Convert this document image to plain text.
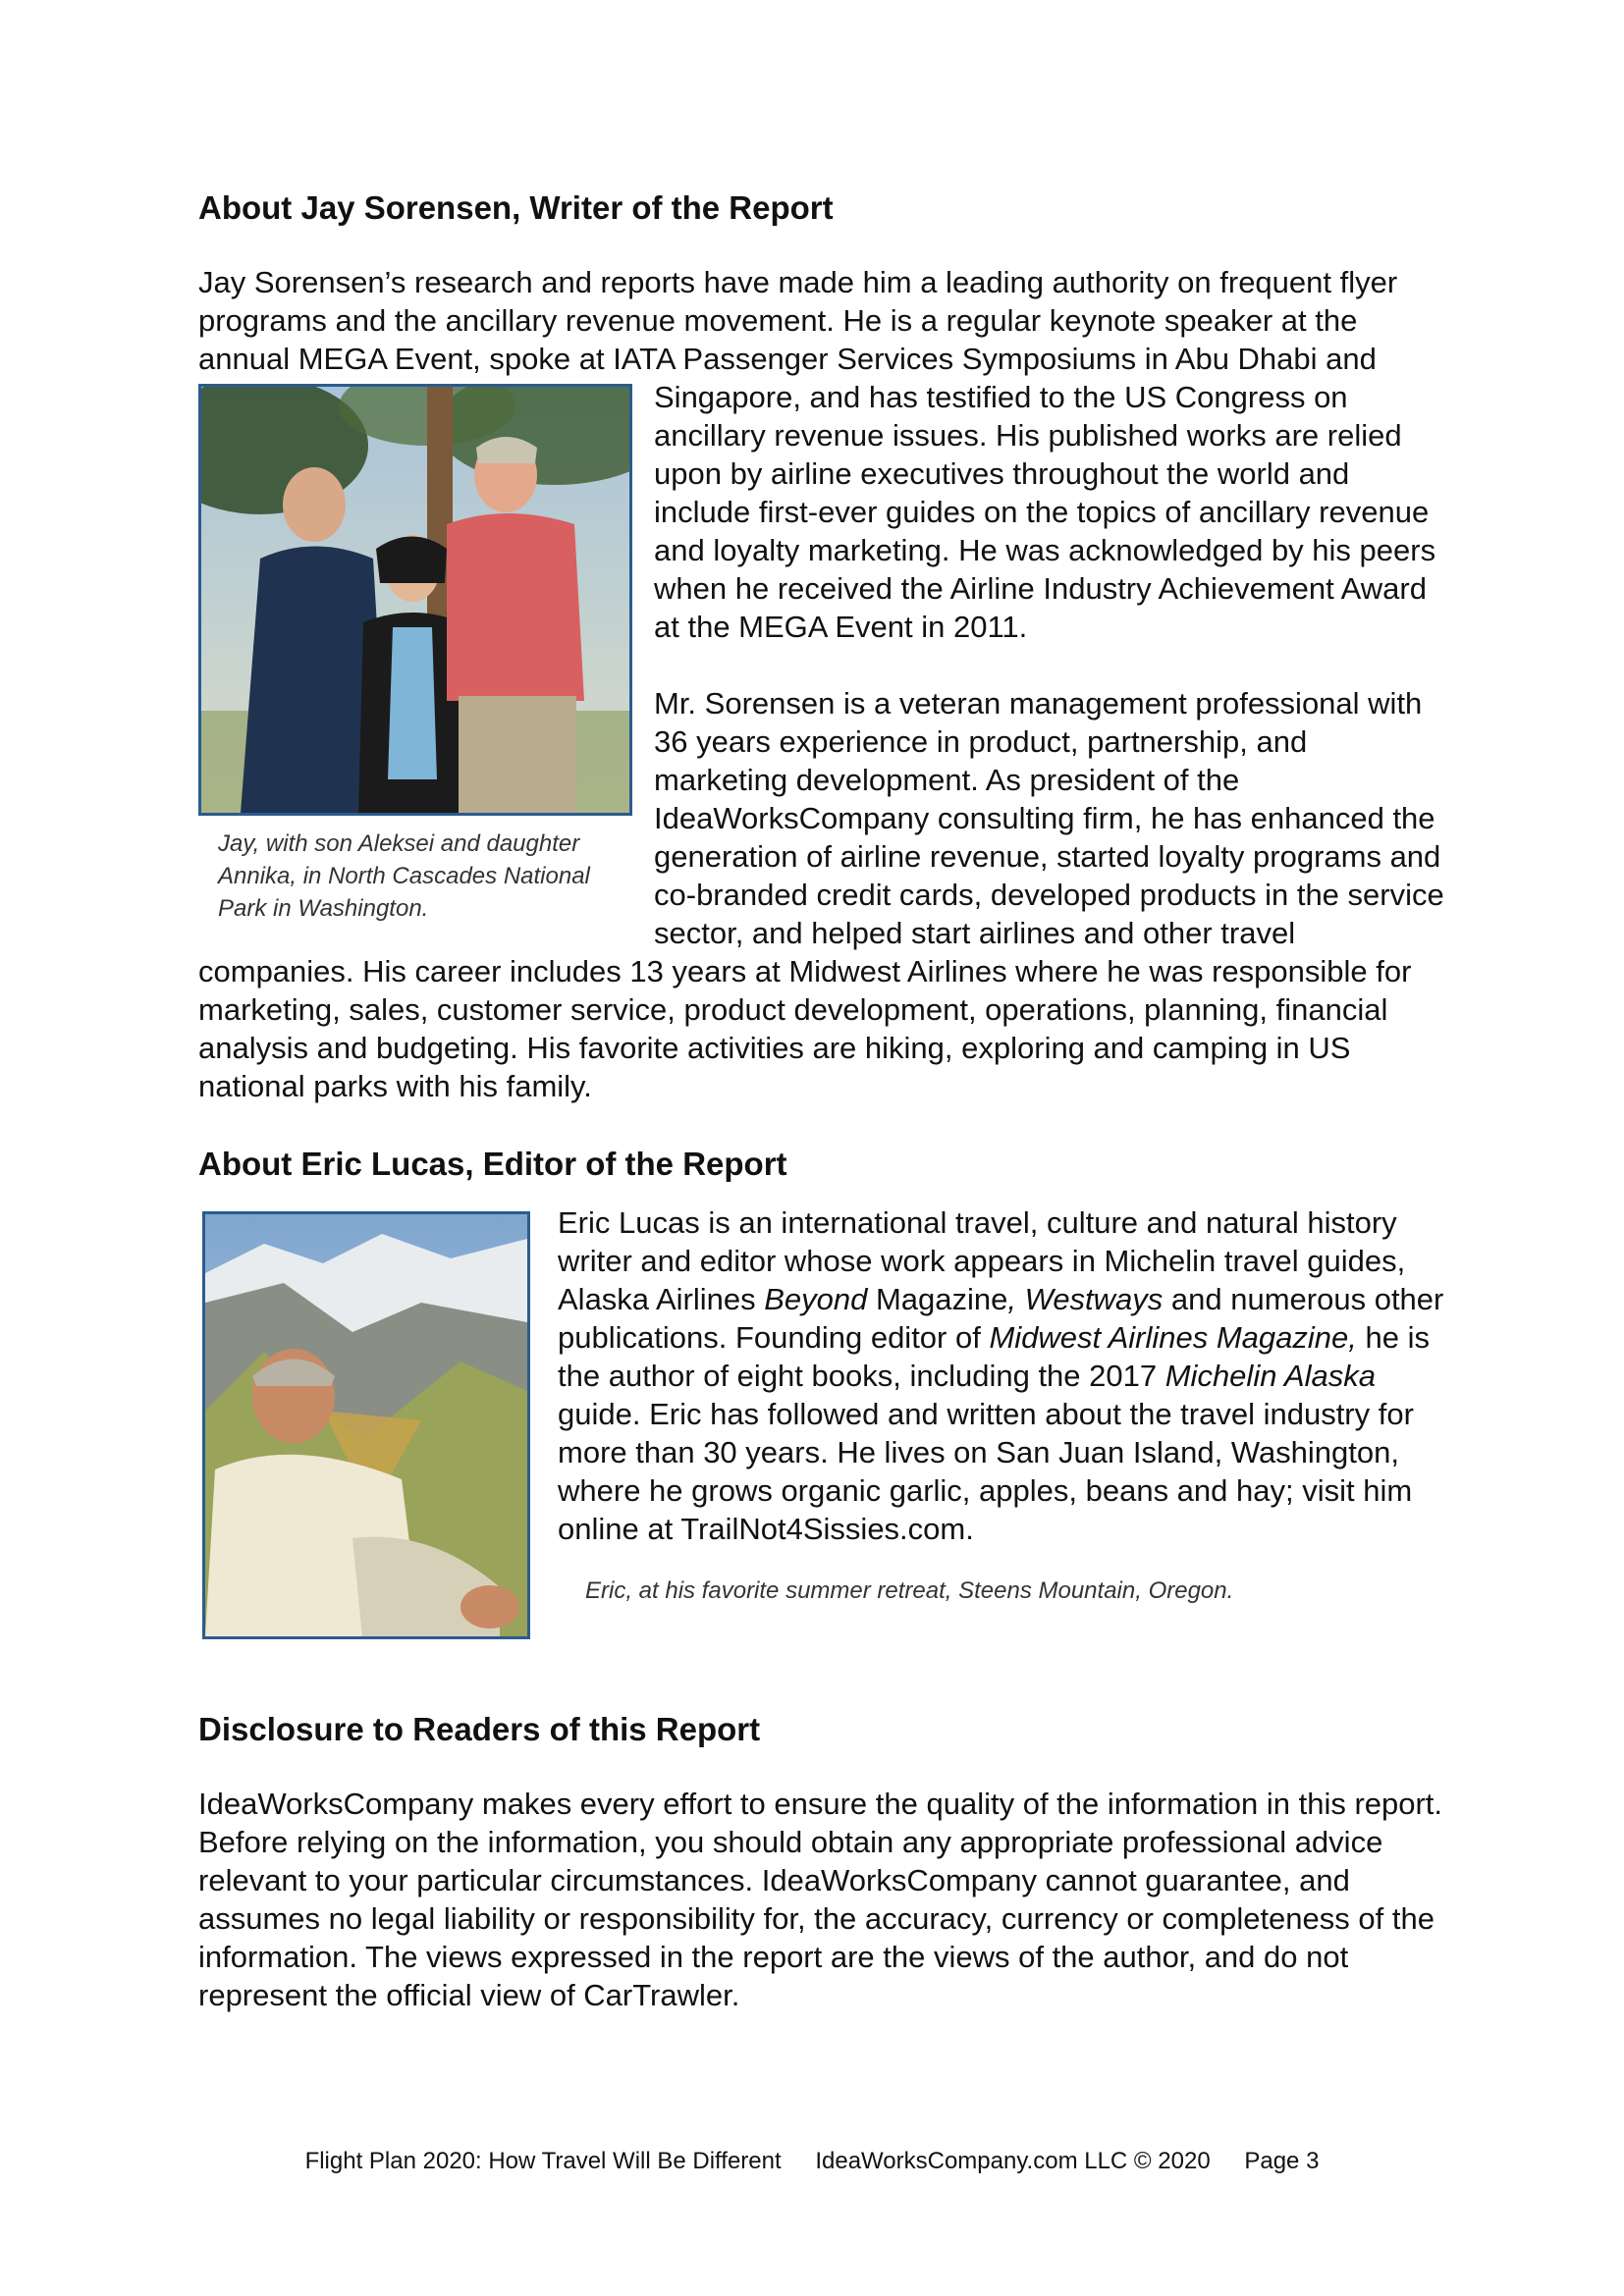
About Jay Sorensen, Writer of the Report

Jay Sorensen’s research and reports have made him a leading authority on frequent flyer programs and the ancillary revenue movement. He is a regular keynote speaker at the annual MEGA Event, spoke at IATA Passenger Services Symposiums in Abu Dhabi and

Jay, with son Aleksei and daughter Annika, in North Cascades National Park in Washington.

Singapore, and has testified to the US Congress on ancillary revenue issues. His published works are relied upon by airline executives throughout the world and include first-ever guides on the topics of ancillary revenue and loyalty marketing. He was acknowledged by his peers when he received the Airline Industry Achievement Award at the MEGA Event in 2011.

Mr. Sorensen is a veteran management professional with 36 years experience in product, partnership, and marketing development. As president of the IdeaWorksCompany consulting firm, he has enhanced the generation of airline revenue, started loyalty programs and co-branded credit cards, developed products in the service sector, and helped start airlines and other travel companies. His career includes 13 years at Midwest Airlines where he was responsible for marketing, sales, customer service, product development, operations, planning, financial analysis and budgeting. His favorite activities are hiking, exploring and camping in US national parks with his family.

About Eric Lucas, Editor of the Report

Eric Lucas is an international travel, culture and natural history writer and editor whose work appears in Michelin travel guides, Alaska Airlines Beyond Magazine, Westways and numerous other publications. Founding editor of Midwest Airlines Magazine, he is the author of eight books, including the 2017 Michelin Alaska guide. Eric has followed and written about the travel industry for more than 30 years. He lives on San Juan Island, Washington, where he grows organic garlic, apples, beans and hay; visit him online at TrailNot4Sissies.com.

Eric, at his favorite summer retreat, Steens Mountain, Oregon.
Disclosure to Readers of this Report

IdeaWorksCompany makes every effort to ensure the quality of the information in this report. Before relying on the information, you should obtain any appropriate professional advice relevant to your particular circumstances. IdeaWorksCompany cannot guarantee, and assumes no legal liability or responsibility for, the accuracy, currency or completeness of the information. The views expressed in the report are the views of the author, and do not represent the official view of CarTrawler.

Flight Plan 2020: How Travel Will Be Different IdeaWorksCompany.com LLC © 2020 Page 3
